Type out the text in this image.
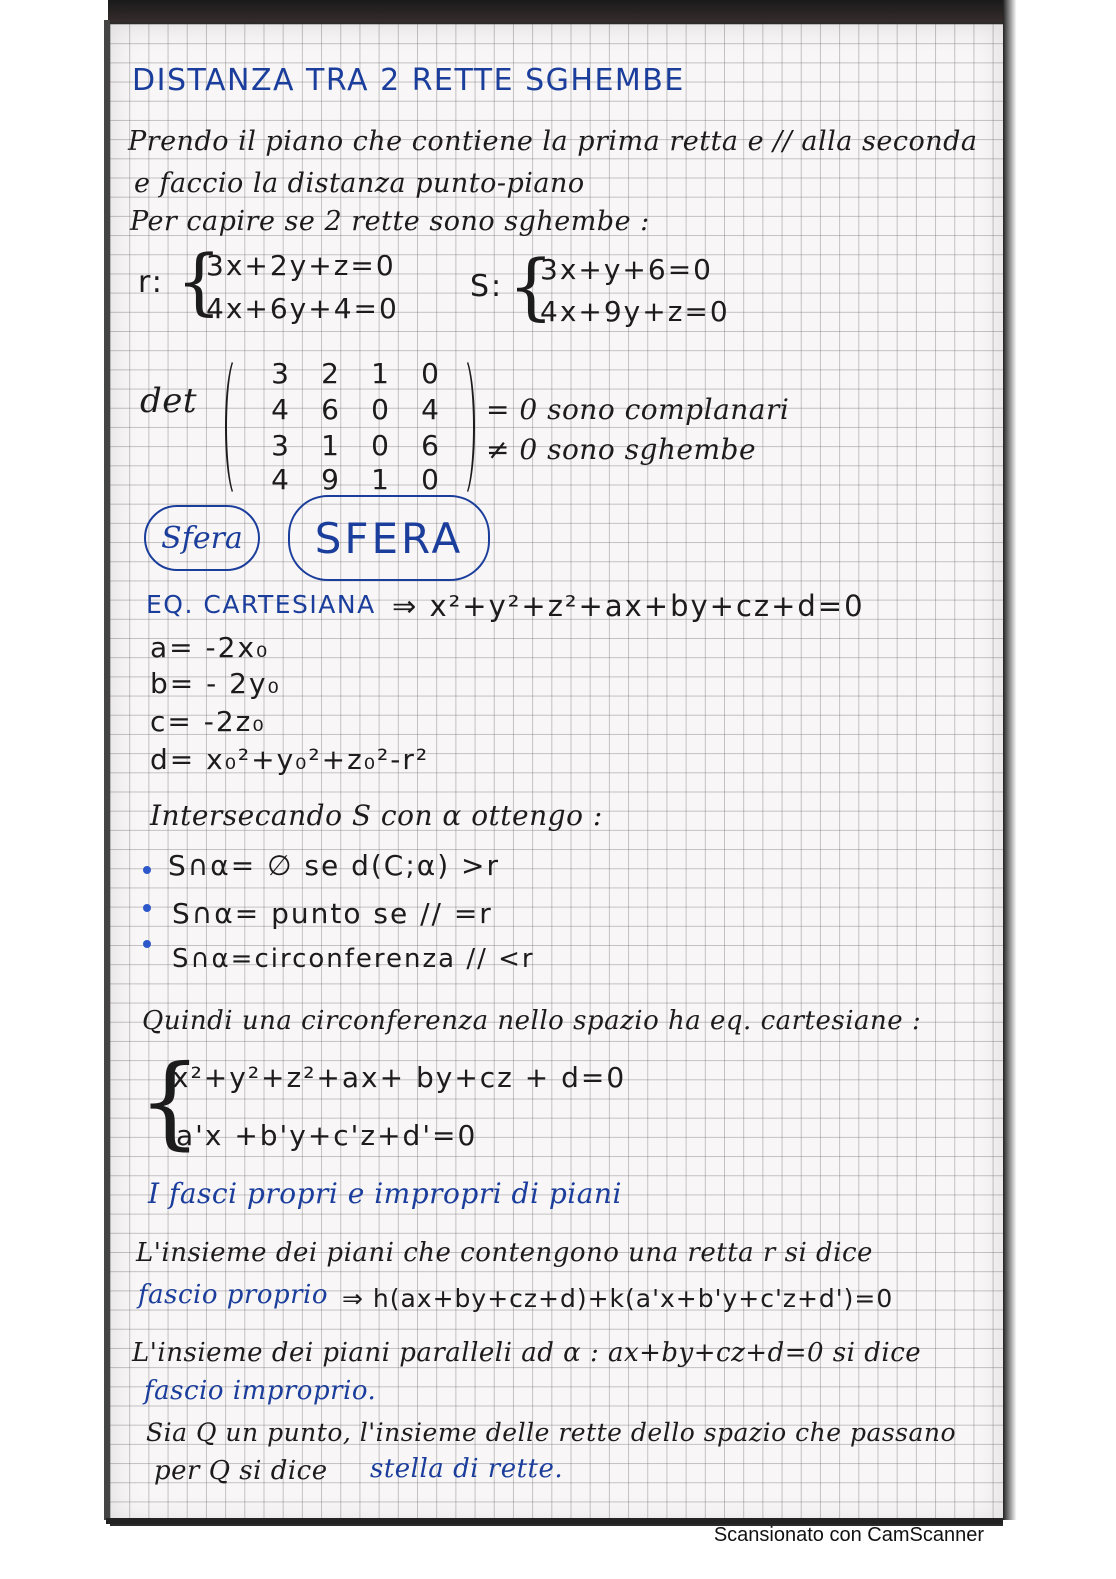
DISTANZA TRA 2 RETTE SGHEMBE
Prendo il piano che contiene la prima retta e // alla seconda
e faccio la distanza punto-piano
Per capire se 2 rette sono sghembe :
r: {
3x+2y+z=0
4x+6y+4=0
S: {
3x+y+6=0
4x+9y+z=0
det
3	2	1	0
4	6	0	4
3	1	0	6
4	9	1	0
= 0 sono complanari
≠ 0 sono sghembe
Sfera SFERA
EQ. CARTESIANA ⇒ x²+y²+z²+ax+by+cz+d=0
a= -2x₀
b= - 2y₀
c= -2z₀
d= x₀²+y₀²+z₀²-r²
Intersecando S con α ottengo :
S∩α= ∅ se d(C;α) >r
S∩α= punto se // =r
S∩α=circonferenza // <r
Quindi una circonferenza nello spazio ha eq. cartesiane :
{
x²+y²+z²+ax+ by+cz + d=0
a'x +b'y+c'z+d'=0
I fasci propri e impropri di piani
L'insieme dei piani che contengono una retta r si dice
fascio proprio ⇒ h(ax+by+cz+d)+k(a'x+b'y+c'z+d')=0
L'insieme dei piani paralleli ad α : ax+by+cz+d=0 si dice
fascio improprio.
Sia Q un punto, l'insieme delle rette dello spazio che passano
per Q si dice stella di rette.
Scansionato con CamScanner
